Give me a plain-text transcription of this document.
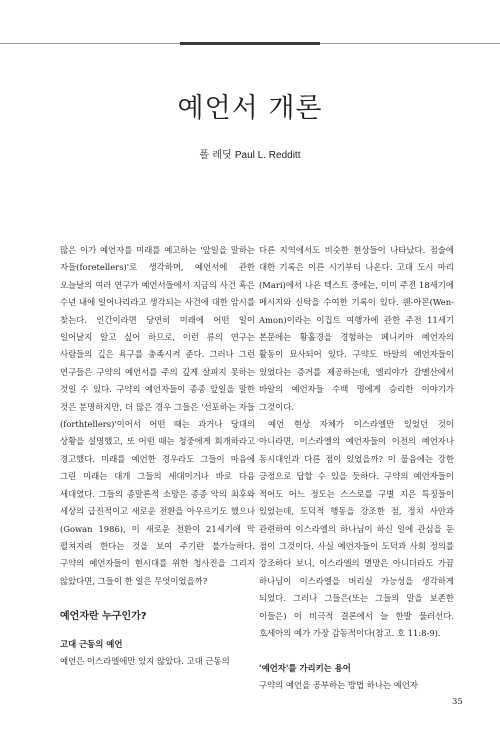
예언서 개론

폴 레딧 Paul L. Redditt

많은 이가 예언자를 미래를 예고하는 '앞일을 말하는 자들(foretellers)'로 생각하며, 예언서에 관한 오늘날의 여러 연구가 예언서들에서 지금의 사건 혹은 수년 내에 일어나리라고 생각되는 사건에 대한 암시를 찾는다. 인간이라면 당연히 미래에 어떤 일이 일어날지 알고 싶어 하므로, 이런 류의 연구는 사람들의 깊은 욕구를 충족시켜 준다. 그러나 그런 연구들은 구약의 예언서를 주의 깊게 살피지 못하는 것일 수 있다. 구약의 예언자들이 종종 앞일을 말한 것은 분명하지만, 더 많은 경우 그들은 '선포하는 자들(forthtellers)'이어서 어떤 때는 과거나 당대의 상황을 설명했고, 또 어떤 때는 청중에게 회개하라고 경고했다. 미래를 예언한 경우라도 그들이 마음에 그린 미래는 대개 그들의 세대이거나 바로 다음 세대였다. 그들의 종말론적 소망은 종종 악의 최후와 세상의 급진적이고 새로운 전환을 아우르기도 했으나(Gowan 1986), 이 새로운 전환이 21세기에 막 펼쳐지려 한다는 것을 보여 주기란 불가능하다. 구약의 예언자들이 현시대를 위한 청사진을 그리지 않았다면, 그들이 한 일은 무엇이었을까?

예언자란 누구인가?
고대 근동의 예언

예언은 이스라엘에만 있지 않았다. 고대 근동의

다른 지역에서도 비슷한 현상들이 나타났다. 점술에 대한 기록은 이른 시기부터 나온다. 고대 도시 마리(Mari)에서 나온 텍스트 중에는, 이미 주전 18세기에 메시지와 신탁을 수여한 기록이 있다. 웬-아몬(Wen-Amon)이라는 이집트 여행가에 관한 주전 11세기 본문에는 황홀경을 경험하는 페니키아 예언자의 활동이 묘사되어 있다. 구약도 바알의 예언자들이 있었다는 증거를 제공하는데, 엘리야가 갈멜산에서 바알의 예언자들 수백 명에게 승리한 이야기가 그것이다.

예언 현상 자체가 이스라엘만 있었던 것이 아니라면, 이스라엘의 예언자들이 이전의 예언자나 동시대인과 다른 점이 있었을까? 이 물음에는 강한 긍정으로 답할 수 있을 듯하다. 구약의 예언자들이 적어도 어느 정도는 스스로를 구별 지은 특징들이 있었는데, 도덕적 행동을 강조한 점, 정치 사안과 관련하여 이스라엘의 하나님이 하신 일에 관심을 둔 점이 그것이다. 사실 예언자들이 도덕과 사회 정의를 강조하다 보니, 이스라엘의 멸망은 아니더라도 가끔 하나님이 이스라엘을 버리실 가능성을 생각하게 되었다. 그러나 그들은(또는 그들의 말을 보존한 이들은) 이 비극적 결론에서 늘 한발 물러선다. 호세아의 예가 가장 감동적이다(참고. 호 11:8-9).

'예언자'를 가리키는 용어

구약의 예언을 공부하는 방법 하나는 예언자

35
